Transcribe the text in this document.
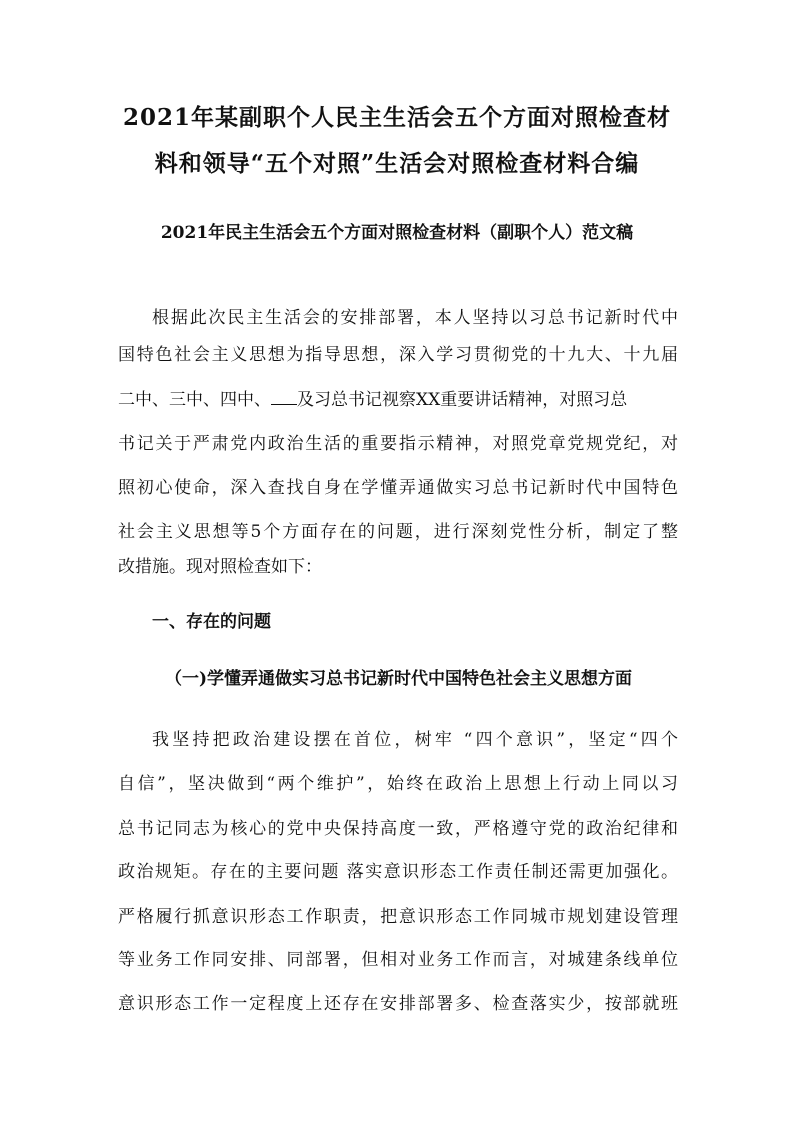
2021年某副职个人民主生活会五个方面对照检查材
料和领导“五个对照”生活会对照检查材料合编
2021年民主生活会五个方面对照检查材料（副职个人）范文稿
根据此次民主生活会的安排部署，本人坚持以习总书记新时代中
国特色社会主义思想为指导思想，深入学习贯彻党的十九大、十九届
二中、三中、四中、 及习总书记视察XX重要讲话精神，对照习总
书记关于严肃党内政治生活的重要指示精神，对照党章党规党纪，对
照初心使命，深入查找自身在学懂弄通做实习总书记新时代中国特色
社会主义思想等5个方面存在的问题，进行深刻党性分析，制定了整
改措施。现对照检查如下：
一、存在的问题
（一)学懂弄通做实习总书记新时代中国特色社会主义思想方面
我坚持把政治建设摆在首位，树牢 “四个意识”，坚定“四个
自信”，坚决做到“两个维护”，始终在政治上思想上行动上同以习
总书记同志为核心的党中央保持高度一致，严格遵守党的政治纪律和
政治规矩。存在的主要问题 落实意识形态工作责任制还需更加强化。
严格履行抓意识形态工作职责，把意识形态工作同城市规划建设管理
等业务工作同安排、同部署，但相对业务工作而言，对城建条线单位
意识形态工作一定程度上还存在安排部署多、检查落实少，按部就班
